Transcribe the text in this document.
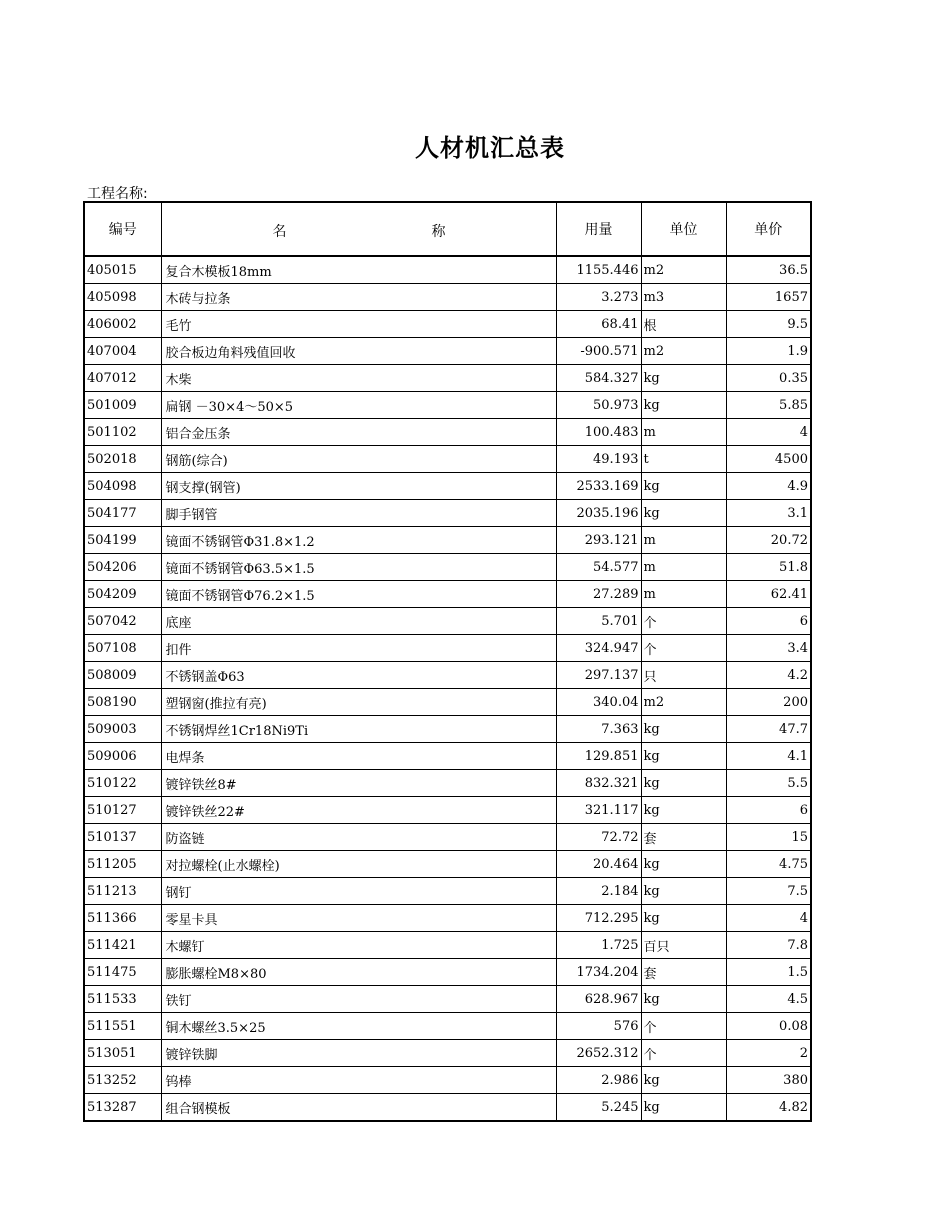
人材机汇总表
工程名称:
编号	名 称	用量	单位	单价
405015	复合木模板18mm	1155.446	m2	36.5
405098	木砖与拉条	3.273	m3	1657
406002	毛竹	68.41	根	9.5
407004	胶合板边角料残值回收	-900.571	m2	1.9
407012	木柴	584.327	kg	0.35
501009	扁钢 －30×4～50×5	50.973	kg	5.85
501102	铝合金压条	100.483	m	4
502018	钢筋(综合)	49.193	t	4500
504098	钢支撑(钢管)	2533.169	kg	4.9
504177	脚手钢管	2035.196	kg	3.1
504199	镜面不锈钢管Φ31.8×1.2	293.121	m	20.72
504206	镜面不锈钢管Φ63.5×1.5	54.577	m	51.8
504209	镜面不锈钢管Φ76.2×1.5	27.289	m	62.41
507042	底座	5.701	个	6
507108	扣件	324.947	个	3.4
508009	不锈钢盖Φ63	297.137	只	4.2
508190	塑钢窗(推拉有亮)	340.04	m2	200
509003	不锈钢焊丝1Cr18Ni9Ti	7.363	kg	47.7
509006	电焊条	129.851	kg	4.1
510122	镀锌铁丝8#	832.321	kg	5.5
510127	镀锌铁丝22#	321.117	kg	6
510137	防盗链	72.72	套	15
511205	对拉螺栓(止水螺栓)	20.464	kg	4.75
511213	钢钉	2.184	kg	7.5
511366	零星卡具	712.295	kg	4
511421	木螺钉	1.725	百只	7.8
511475	膨胀螺栓M8×80	1734.204	套	1.5
511533	铁钉	628.967	kg	4.5
511551	铜木螺丝3.5×25	576	个	0.08
513051	镀锌铁脚	2652.312	个	2
513252	钨棒	2.986	kg	380
513287	组合钢模板	5.245	kg	4.82
